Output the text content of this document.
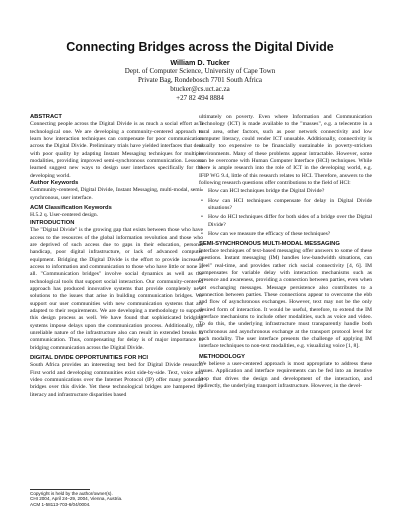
Connecting Bridges across the Digital Divide
William D. Tucker
Dept. of Computer Science, University of Cape Town
Private Bag, Rondebosch 7701 South Africa
btucker@cs.uct.ac.za
+27 82 494 8884
ABSTRACT

Connecting people across the Digital Divide is as much a social effort as a technological one. We are developing a community-centered approach to learn how interaction techniques can compensate for poor communication across the Digital Divide. Preliminary trials have yielded interfaces that deal with poor quality by adapting Instant Messaging techniques for multiple modalities, providing improved semi-synchronous communication. Lessons learned suggest new ways to design user interfaces specifically for the developing world.

Author Keywords

Community-centered, Digital Divide, Instant Messaging, multi-modal, semi-synchronous, user interface.

ACM Classification Keywords

H.5.2 q. User-centered design.

INTRODUCTION

The "Digital Divide" is the growing gap that exists between those who have access to the resources of the global information revolution and those who are deprived of such access due to gaps in their education, personal handicap, poor digital infrastructure, or lack of advanced computer equipment. Bridging the Digital Divide is the effort to provide increased access to information and communication to those who have little or none at all. "Communication bridges" involve social dynamics as well as the technological tools that support social interaction. Our community-centered approach has produced innovative systems that provide completely new solutions to the issues that arise in building communication bridges. We support our user communities with new communication systems that are adapted to their requirements. We are developing a methodology to support this design process as well. We have found that sophisticated bridging systems impose delays upon the communication process. Additionally, the unreliable nature of the infrastructure also can result in extended breaks in communication. Thus, compensating for delay is of major importance in bridging communication across the Digital Divide.

DIGITAL DIVIDE OPPORTUNITIES FOR HCI

South Africa provides an interesting test bed for Digital Divide research. First world and developing communities exist side-by-side. Text, voice and video communications over the Internet Protocol (IP) offer many potential bridges over this divide. Yet these technological bridges are hampered by literacy and infrastructure disparities based

Copyright is held by the author/owner(s).
CHI 2004, April 24–29, 2004, Vienna, Austria.
ACM 1-58113-703-6/04/0004.

ultimately on poverty. Even where Information and Communication Technology (ICT) is made available to the "masses", e.g. a telecentre in a rural area, other factors, such as poor network connectivity and low computer literacy, could render ICT unusable. Additionally, connectivity is usually too expensive to be financially sustainable in poverty-stricken environments. Many of these problems appear intractable. However, some can be overcome with Human Computer Interface (HCI) techniques. While there is ample research into the role of ICT in the developing world, e.g. IFIP WG 9.4, little of this research relates to HCI. Therefore, answers to the following research questions offer contributions to the field of HCI:

• How can HCI techniques bridge the Digital Divide?
• How can HCI techniques compensate for delay in Digital Divide situations?
• How do HCI techniques differ for both sides of a bridge over the Digital Divide?
• How can we measure the efficacy of these techniques?
SEMI-SYNCHRONOUS MULTI-MODAL MESSAGING

Interface techniques of text-based messaging offer answers to some of these questions. Instant messaging (IM) handles low-bandwidth situations, can "feel" real-time, and provides rather rich social connectivity [4, 6]. IM compensates for variable delay with interaction mechanisms such as presence and awareness, providing a connection between parties, even when not exchanging messages. Message persistence also contributes to a connection between parties. These connections appear to overcome the ebb and flow of asynchronous exchanges. However, text may not be the only desired form of interaction. It would be useful, therefore, to extend the IM interface mechanisms to include other modalities, such as voice and video. To do this, the underlying infrastructure must transparently handle both synchronous and asynchronous exchange at the transport protocol level for each modality. The user interface presents the challenge of applying IM interface techniques to non-text modalities, e.g. visualizing voice [1, 8].

METHODOLOGY

We believe a user-centered approach is most appropriate to address these issues. Application and interface requirements can be fed into an iterative loop that drives the design and development of the interaction, and indirectly, the underlying transport infrastructure. However, in the devel-
